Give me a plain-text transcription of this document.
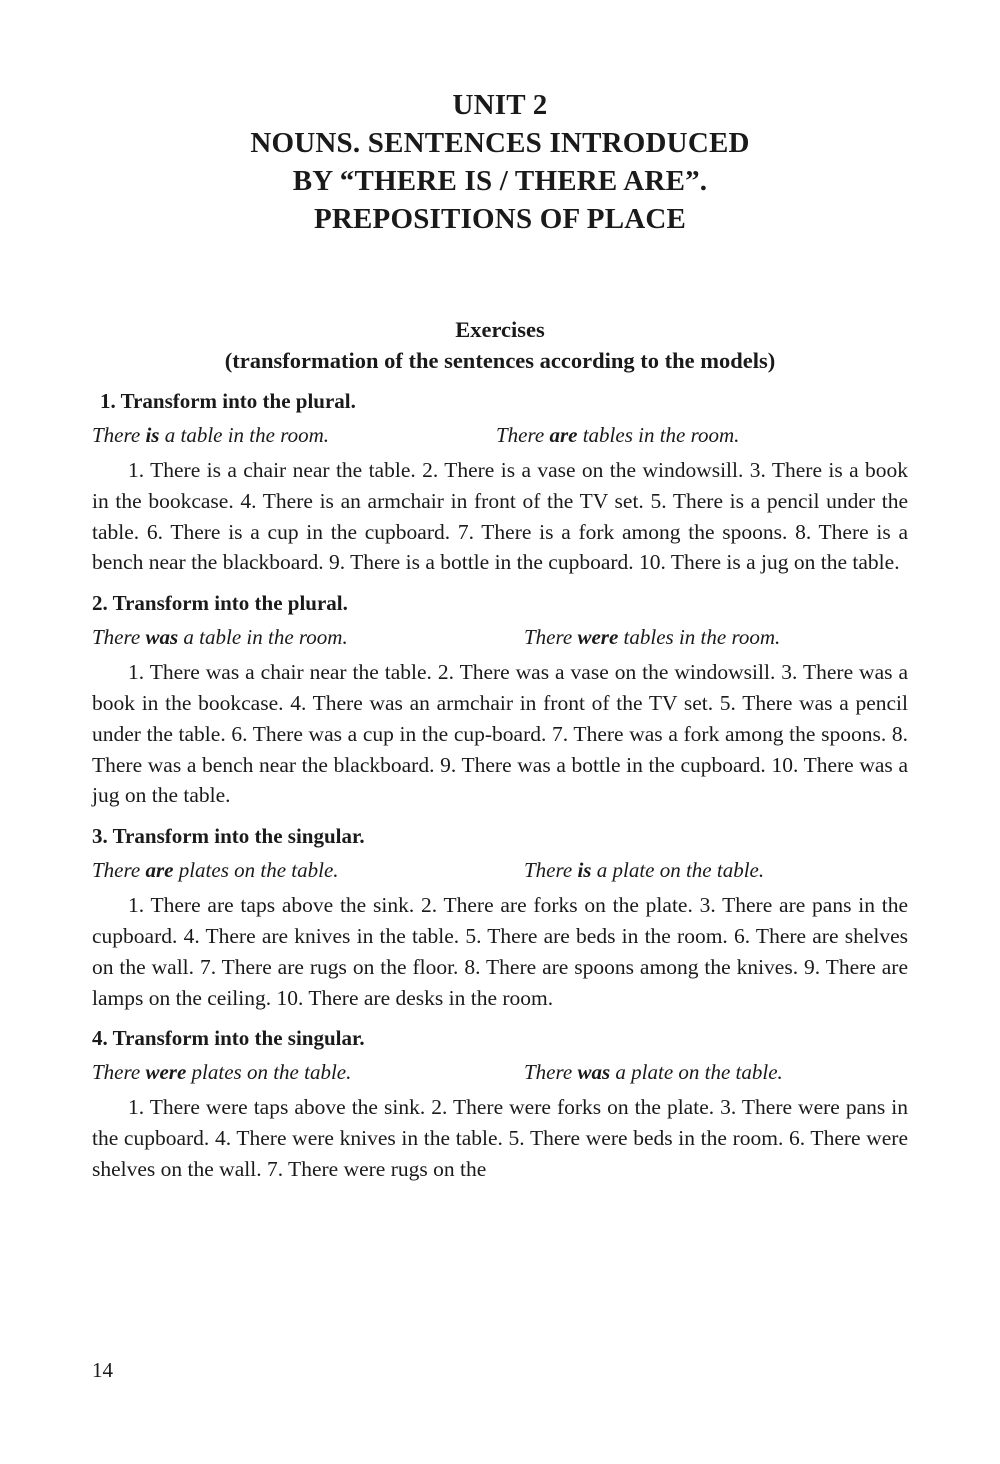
UNIT 2
NOUNS. SENTENCES INTRODUCED
BY “THERE IS / THERE ARE”.
PREPOSITIONS OF PLACE
Exercises
(transformation of the sentences according to the models)

1. Transform into the plural.

There is a table in the room.	There are tables in the room.

1. There is a chair near the table. 2. There is a vase on the windowsill. 3. There is a book in the bookcase. 4. There is an armchair in front of the TV set. 5. There is a pencil under the table. 6. There is a cup in the cupboard. 7. There is a fork among the spoons. 8. There is a bench near the blackboard. 9. There is a bottle in the cupboard. 10. There is a jug on the table.

2. Transform into the plural.

There was a table in the room.	There were tables in the room.

1. There was a chair near the table. 2. There was a vase on the windowsill. 3. There was a book in the bookcase. 4. There was an armchair in front of the TV set. 5. There was a pencil under the table. 6. There was a cup in the cup-board. 7. There was a fork among the spoons. 8. There was a bench near the blackboard. 9. There was a bottle in the cupboard. 10. There was a jug on the table.

3. Transform into the singular.

There are plates on the table.	There is a plate on the table.

1. There are taps above the sink. 2. There are forks on the plate. 3. There are pans in the cupboard. 4. There are knives in the table. 5. There are beds in the room. 6. There are shelves on the wall. 7. There are rugs on the floor. 8. There are spoons among the knives. 9. There are lamps on the ceiling. 10. There are desks in the room.

4. Transform into the singular.

There were plates on the table.	There was a plate on the table.

1. There were taps above the sink. 2. There were forks on the plate. 3. There were pans in the cupboard. 4. There were knives in the table. 5. There were beds in the room. 6. There were shelves on the wall. 7. There were rugs on the

14
